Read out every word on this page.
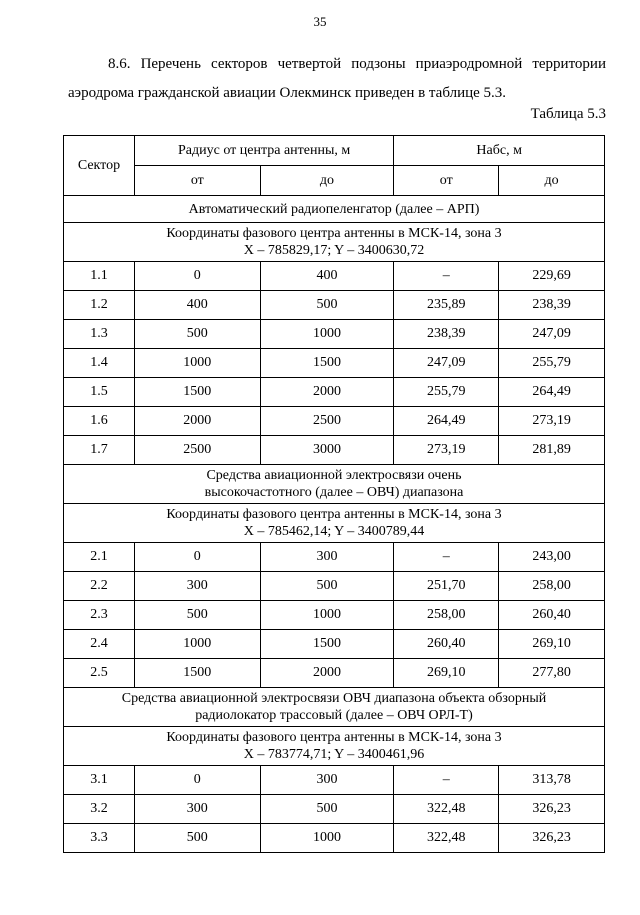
35
8.6. Перечень секторов четвертой подзоны приаэродромной территории
аэродрома гражданской авиации Олекминск приведен в таблице 5.3.
Таблица 5.3
Сектор	Радиус от центра антенны, м		Набс, м	
	от	до	от	до
Автоматический радиопеленгатор (далее – АРП)				

Координаты фазового центра антенны в МСК-14, зона 3
X – 785829,17; Y – 3400630,72				

1.1	0	400	–	229,69
1.2	400	500	235,89	238,39
1.3	500	1000	238,39	247,09
1.4	1000	1500	247,09	255,79
1.5	1500	2000	255,79	264,49
1.6	2000	2500	264,49	273,19
1.7	2500	3000	273,19	281,89

Средства авиационной электросвязи очень
высокочастотного (далее – ОВЧ) диапазона				

Координаты фазового центра антенны в МСК-14, зона 3
X – 785462,14; Y – 3400789,44				

2.1	0	300	–	243,00
2.2	300	500	251,70	258,00
2.3	500	1000	258,00	260,40
2.4	1000	1500	260,40	269,10
2.5	1500	2000	269,10	277,80

Средства авиационной электросвязи ОВЧ диапазона объекта обзорный
радиолокатор трассовый (далее – ОВЧ ОРЛ-Т)				

Координаты фазового центра антенны в МСК-14, зона 3
X – 783774,71; Y – 3400461,96				

3.1	0	300	–	313,78
3.2	300	500	322,48	326,23
3.3	500	1000	322,48	326,23
